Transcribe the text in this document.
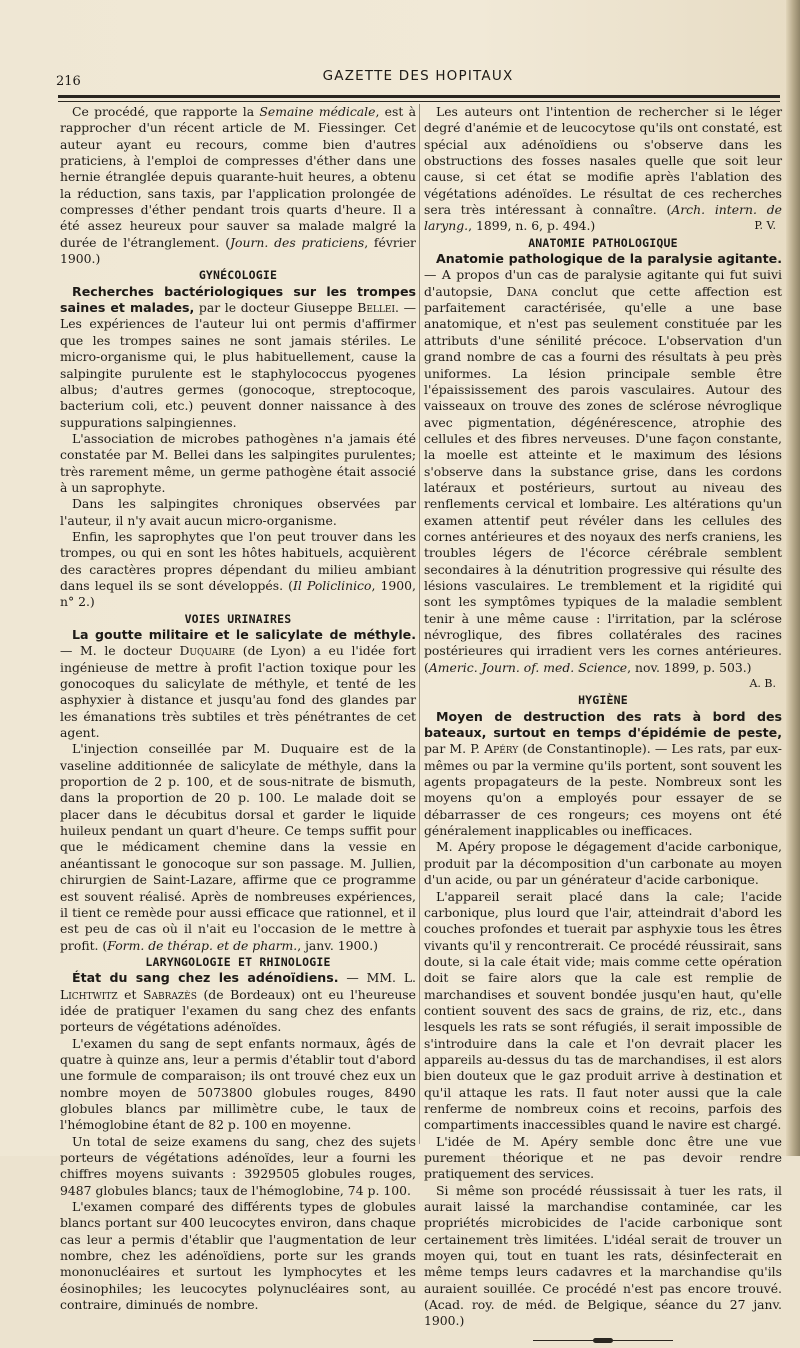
216	GAZETTE DES HOPITAUX

Ce procédé, que rapporte la Semaine médicale, est à rapprocher d'un récent article de M. Fiessinger. Cet auteur ayant eu recours, comme bien d'autres praticiens, à l'emploi de compresses d'éther dans une hernie étranglée depuis quarante-huit heures, a obtenu la réduction, sans taxis, par l'application prolongée de compresses d'éther pendant trois quarts d'heure. Il a été assez heureux pour sauver sa malade malgré la durée de l'étranglement. (Journ. des praticiens, février 1900.)

GYNÉCOLOGIE

Recherches bactériologiques sur les trompes saines et malades, par le docteur Giuseppe Bellei. — Les expériences de l'auteur lui ont permis d'affirmer que les trompes saines ne sont jamais stériles. Le micro-organisme qui, le plus habituellement, cause la salpingite purulente est le staphylococcus pyogenes albus; d'autres germes (gonocoque, streptocoque, bacterium coli, etc.) peuvent donner naissance à des suppurations salpingiennes.

L'association de microbes pathogènes n'a jamais été constatée par M. Bellei dans les salpingites purulentes; très rarement même, un germe pathogène était associé à un saprophyte.

Dans les salpingites chroniques observées par l'auteur, il n'y avait aucun micro-organisme.

Enfin, les saprophytes que l'on peut trouver dans les trompes, ou qui en sont les hôtes habituels, acquièrent des caractères propres dépendant du milieu ambiant dans lequel ils se sont développés. (Il Policlinico, 1900, n° 2.)

VOIES URINAIRES

La goutte militaire et le salicylate de méthyle. — M. le docteur Duquaire (de Lyon) a eu l'idée fort ingénieuse de mettre à profit l'action toxique pour les gonocoques du salicylate de méthyle, et tenté de les asphyxier à distance et jusqu'au fond des glandes par les émanations très subtiles et très pénétrantes de cet agent.

L'injection conseillée par M. Duquaire est de la vaseline additionnée de salicylate de méthyle, dans la proportion de 2 p. 100, et de sous-nitrate de bismuth, dans la proportion de 20 p. 100. Le malade doit se placer dans le décubitus dorsal et garder le liquide huileux pendant un quart d'heure. Ce temps suffit pour que le médicament chemine dans la vessie en anéantissant le gonocoque sur son passage. M. Jullien, chirurgien de Saint-Lazare, affirme que ce programme est souvent réalisé. Après de nombreuses expériences, il tient ce remède pour aussi efficace que rationnel, et il est peu de cas où il n'ait eu l'occasion de le mettre à profit. (Form. de thérap. et de pharm., janv. 1900.)

LARYNGOLOGIE ET RHINOLOGIE

État du sang chez les adénoïdiens. — MM. L. Lichtwitz et Sabrazès (de Bordeaux) ont eu l'heureuse idée de pratiquer l'examen du sang chez des enfants porteurs de végétations adénoïdes.

L'examen du sang de sept enfants normaux, âgés de quatre à quinze ans, leur a permis d'établir tout d'abord une formule de comparaison; ils ont trouvé chez eux un nombre moyen de 5073800 globules rouges, 8490 globules blancs par millimètre cube, le taux de l'hémoglobine étant de 82 p. 100 en moyenne.

Un total de seize examens du sang, chez des sujets porteurs de végétations adénoïdes, leur a fourni les chiffres moyens suivants : 3929505 globules rouges, 9487 globules blancs; taux de l'hémoglobine, 74 p. 100.

L'examen comparé des différents types de globules blancs portant sur 400 leucocytes environ, dans chaque cas leur a permis d'établir que l'augmentation de leur nombre, chez les adénoïdiens, porte sur les grands mononucléaires et surtout les lymphocytes et les éosinophiles; les leucocytes polynucléaires sont, au contraire, diminués de nombre.

Les auteurs ont l'intention de rechercher si le léger degré d'anémie et de leucocytose qu'ils ont constaté, est spécial aux adénoïdiens ou s'observe dans les obstructions des fosses nasales quelle que soit leur cause, si cet état se modifie après l'ablation des végétations adénoïdes. Le résultat de ces recherches sera très intéressant à connaître. (Arch. intern. de laryng., 1899, n. 6, p. 494.)	P. V.

ANATOMIE PATHOLOGIQUE

Anatomie pathologique de la paralysie agitante. — A propos d'un cas de paralysie agitante qui fut suivi d'autopsie, Dana conclut que cette affection est parfaitement caractérisée, qu'elle a une base anatomique, et n'est pas seulement constituée par les attributs d'une sénilité précoce. L'observation d'un grand nombre de cas a fourni des résultats à peu près uniformes. La lésion principale semble être l'épaississement des parois vasculaires. Autour des vaisseaux on trouve des zones de sclérose névroglique avec pigmentation, dégénérescence, atrophie des cellules et des fibres nerveuses. D'une façon constante, la moelle est atteinte et le maximum des lésions s'observe dans la substance grise, dans les cordons latéraux et postérieurs, surtout au niveau des renflements cervical et lombaire. Les altérations qu'un examen attentif peut révéler dans les cellules des cornes antérieures et des noyaux des nerfs craniens, les troubles légers de l'écorce cérébrale semblent secondaires à la dénutrition progressive qui résulte des lésions vasculaires. Le tremblement et la rigidité qui sont les symptômes typiques de la maladie semblent tenir à une même cause : l'irritation, par la sclérose névroglique, des fibres collatérales des racines postérieures qui irradient vers les cornes antérieures. (Americ. Journ. of. med. Science, nov. 1899, p. 503.)

A. B.

HYGIÈNE

Moyen de destruction des rats à bord des bateaux, surtout en temps d'épidémie de peste, par M. P. Apéry (de Constantinople). — Les rats, par eux-mêmes ou par la vermine qu'ils portent, sont souvent les agents propagateurs de la peste. Nombreux sont les moyens qu'on a employés pour essayer de se débarrasser de ces rongeurs; ces moyens ont été généralement inapplicables ou inefficaces.

M. Apéry propose le dégagement d'acide carbonique, produit par la décomposition d'un carbonate au moyen d'un acide, ou par un générateur d'acide carbonique.

L'appareil serait placé dans la cale; l'acide carbonique, plus lourd que l'air, atteindrait d'abord les couches profondes et tuerait par asphyxie tous les êtres vivants qu'il y rencontrerait. Ce procédé réussirait, sans doute, si la cale était vide; mais comme cette opération doit se faire alors que la cale est remplie de marchandises et souvent bondée jusqu'en haut, qu'elle contient souvent des sacs de grains, de riz, etc., dans lesquels les rats se sont réfugiés, il serait impossible de s'introduire dans la cale et l'on devrait placer les appareils au-dessus du tas de marchandises, il est alors bien douteux que le gaz produit arrive à destination et qu'il attaque les rats. Il faut noter aussi que la cale renferme de nombreux coins et recoins, parfois des compartiments inaccessibles quand le navire est chargé.

L'idée de M. Apéry semble donc être une vue purement théorique et ne pas devoir rendre pratiquement des services.

Si même son procédé réussissait à tuer les rats, il aurait laissé la marchandise contaminée, car les propriétés microbicides de l'acide carbonique sont certainement très limitées. L'idéal serait de trouver un moyen qui, tout en tuant les rats, désinfecterait en même temps leurs cadavres et la marchandise qu'ils auraient souillée. Ce procédé n'est pas encore trouvé. (Acad. roy. de méd. de Belgique, séance du 27 janv. 1900.)
